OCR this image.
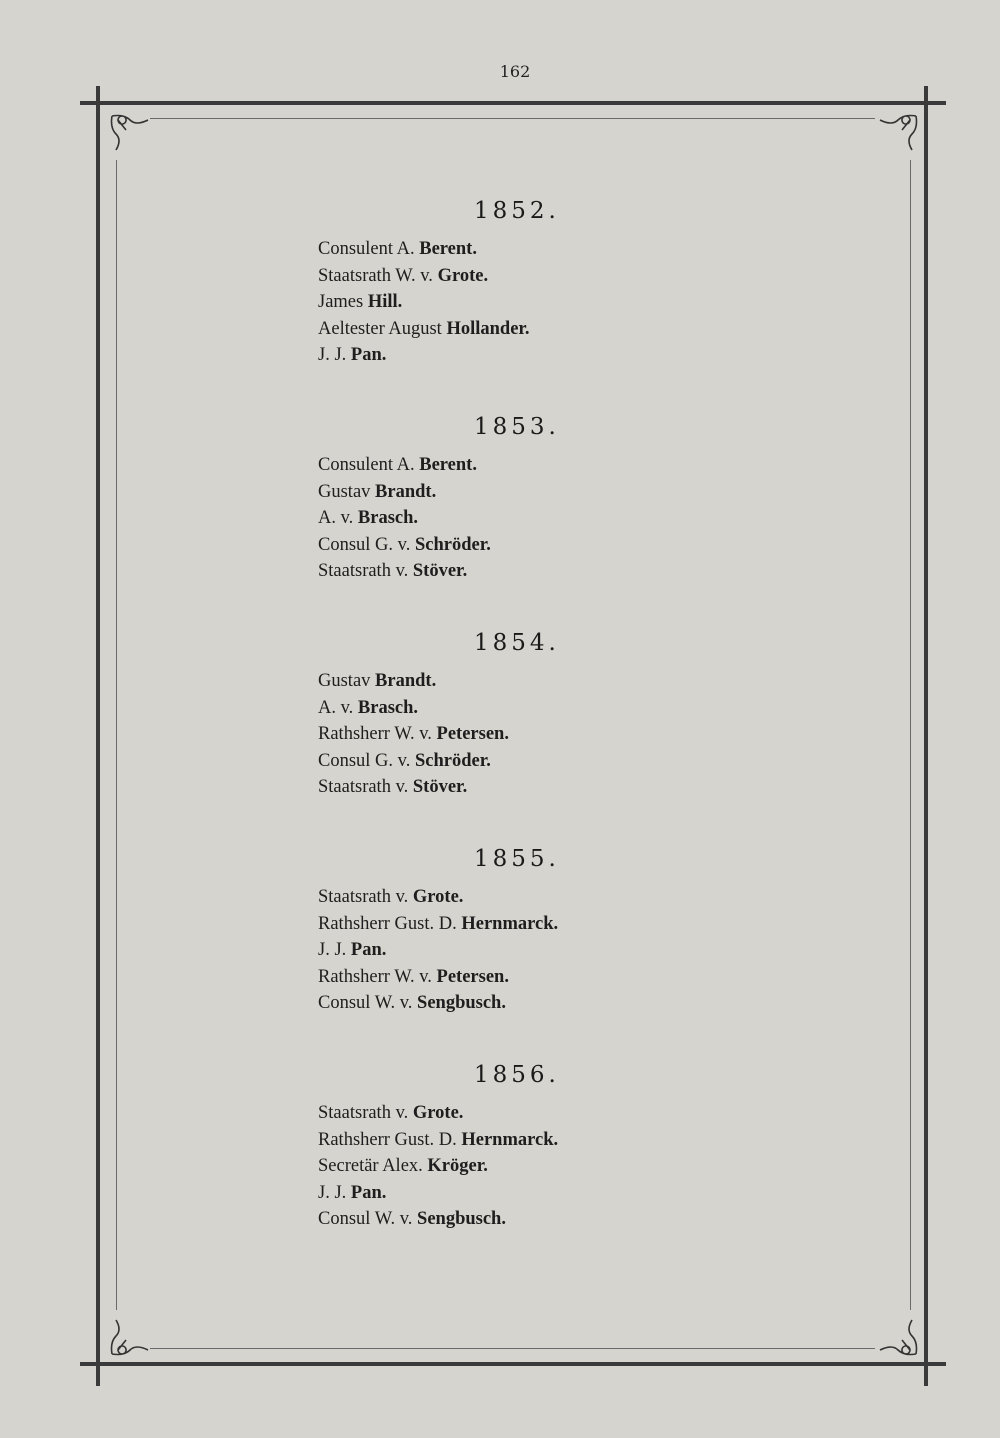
162
1852.
Consulent A. Berent.
Staatsrath W. v. Grote.
James Hill.
Aeltester August Hollander.
J. J. Pan.
1853.
Consulent A. Berent.
Gustav Brandt.
A. v. Brasch.
Consul G. v. Schröder.
Staatsrath v. Stöver.
1854.
Gustav Brandt.
A. v. Brasch.
Rathsherr W. v. Petersen.
Consul G. v. Schröder.
Staatsrath v. Stöver.
1855.
Staatsrath v. Grote.
Rathsherr Gust. D. Hernmarck.
J. J. Pan.
Rathsherr W. v. Petersen.
Consul W. v. Sengbusch.
1856.
Staatsrath v. Grote.
Rathsherr Gust. D. Hernmarck.
Secretär Alex. Kröger.
J. J. Pan.
Consul W. v. Sengbusch.
